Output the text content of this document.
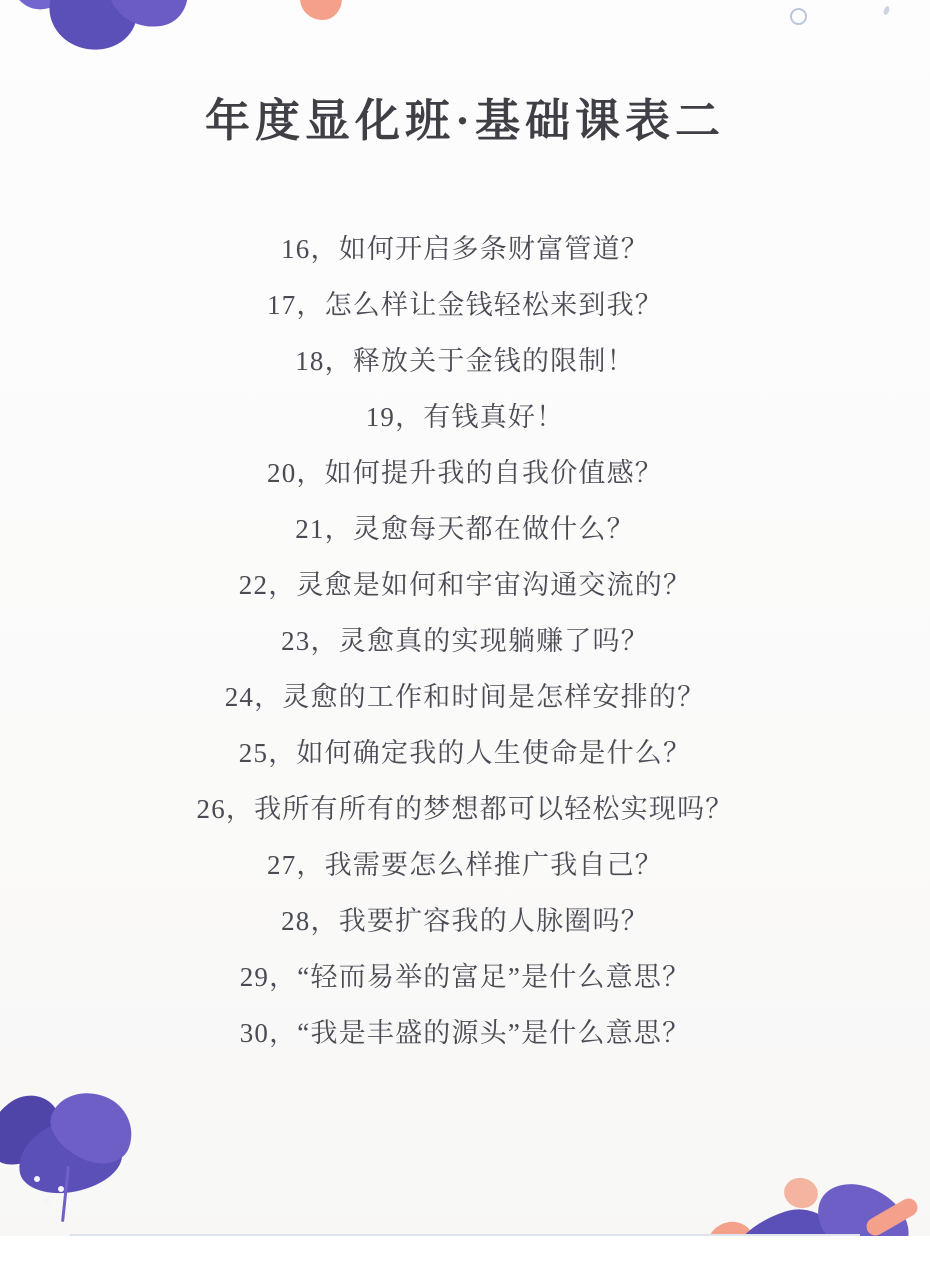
年度显化班·基础课表二
16，如何开启多条财富管道？
17，怎么样让金钱轻松来到我？
18，释放关于金钱的限制！
19，有钱真好！
20，如何提升我的自我价值感？
21，灵愈每天都在做什么？
22，灵愈是如何和宇宙沟通交流的？
23，灵愈真的实现躺赚了吗？
24，灵愈的工作和时间是怎样安排的？
25，如何确定我的人生使命是什么？
26，我所有所有的梦想都可以轻松实现吗？
27，我需要怎么样推广我自己？
28，我要扩容我的人脉圈吗？
29，“轻而易举的富足”是什么意思？
30，“我是丰盛的源头”是什么意思？
